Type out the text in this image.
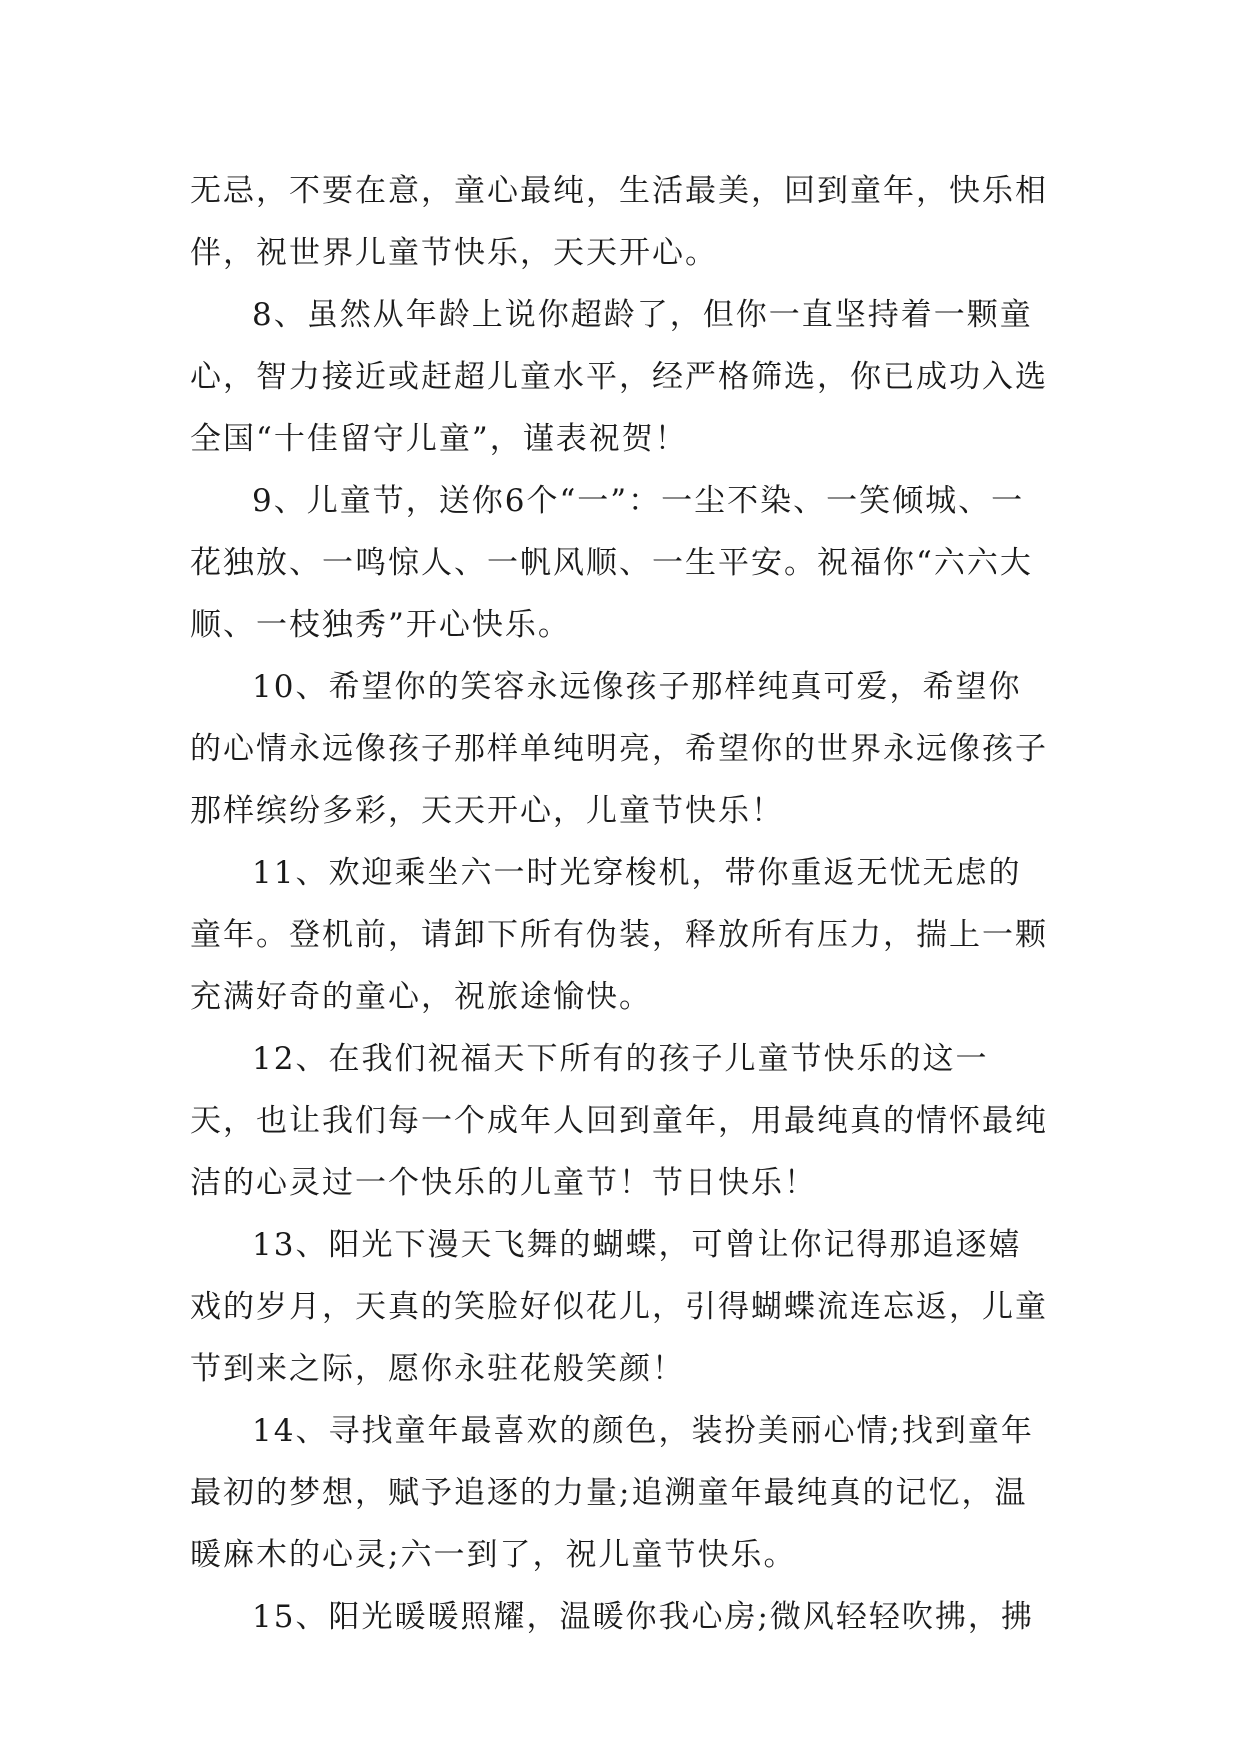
无忌，不要在意，童心最纯，生活最美，回到童年，快乐相伴，祝世界儿童节快乐，天天开心。

8、虽然从年龄上说你超龄了，但你一直坚持着一颗童心，智力接近或赶超儿童水平，经严格筛选，你已成功入选全国“十佳留守儿童”，谨表祝贺！

9、儿童节，送你6个“一”：一尘不染、一笑倾城、一花独放、一鸣惊人、一帆风顺、一生平安。祝福你“六六大顺、一枝独秀”开心快乐。

10、希望你的笑容永远像孩子那样纯真可爱，希望你的心情永远像孩子那样单纯明亮，希望你的世界永远像孩子那样缤纷多彩，天天开心，儿童节快乐！

11、欢迎乘坐六一时光穿梭机，带你重返无忧无虑的童年。登机前，请卸下所有伪装，释放所有压力，揣上一颗充满好奇的童心，祝旅途愉快。

12、在我们祝福天下所有的孩子儿童节快乐的这一天，也让我们每一个成年人回到童年，用最纯真的情怀最纯洁的心灵过一个快乐的儿童节！节日快乐！

13、阳光下漫天飞舞的蝴蝶，可曾让你记得那追逐嬉戏的岁月，天真的笑脸好似花儿，引得蝴蝶流连忘返，儿童节到来之际，愿你永驻花般笑颜！

14、寻找童年最喜欢的颜色，装扮美丽心情;找到童年最初的梦想，赋予追逐的力量;追溯童年最纯真的记忆，温暖麻木的心灵;六一到了，祝儿童节快乐。

15、阳光暖暖照耀，温暖你我心房;微风轻轻吹拂，拂
